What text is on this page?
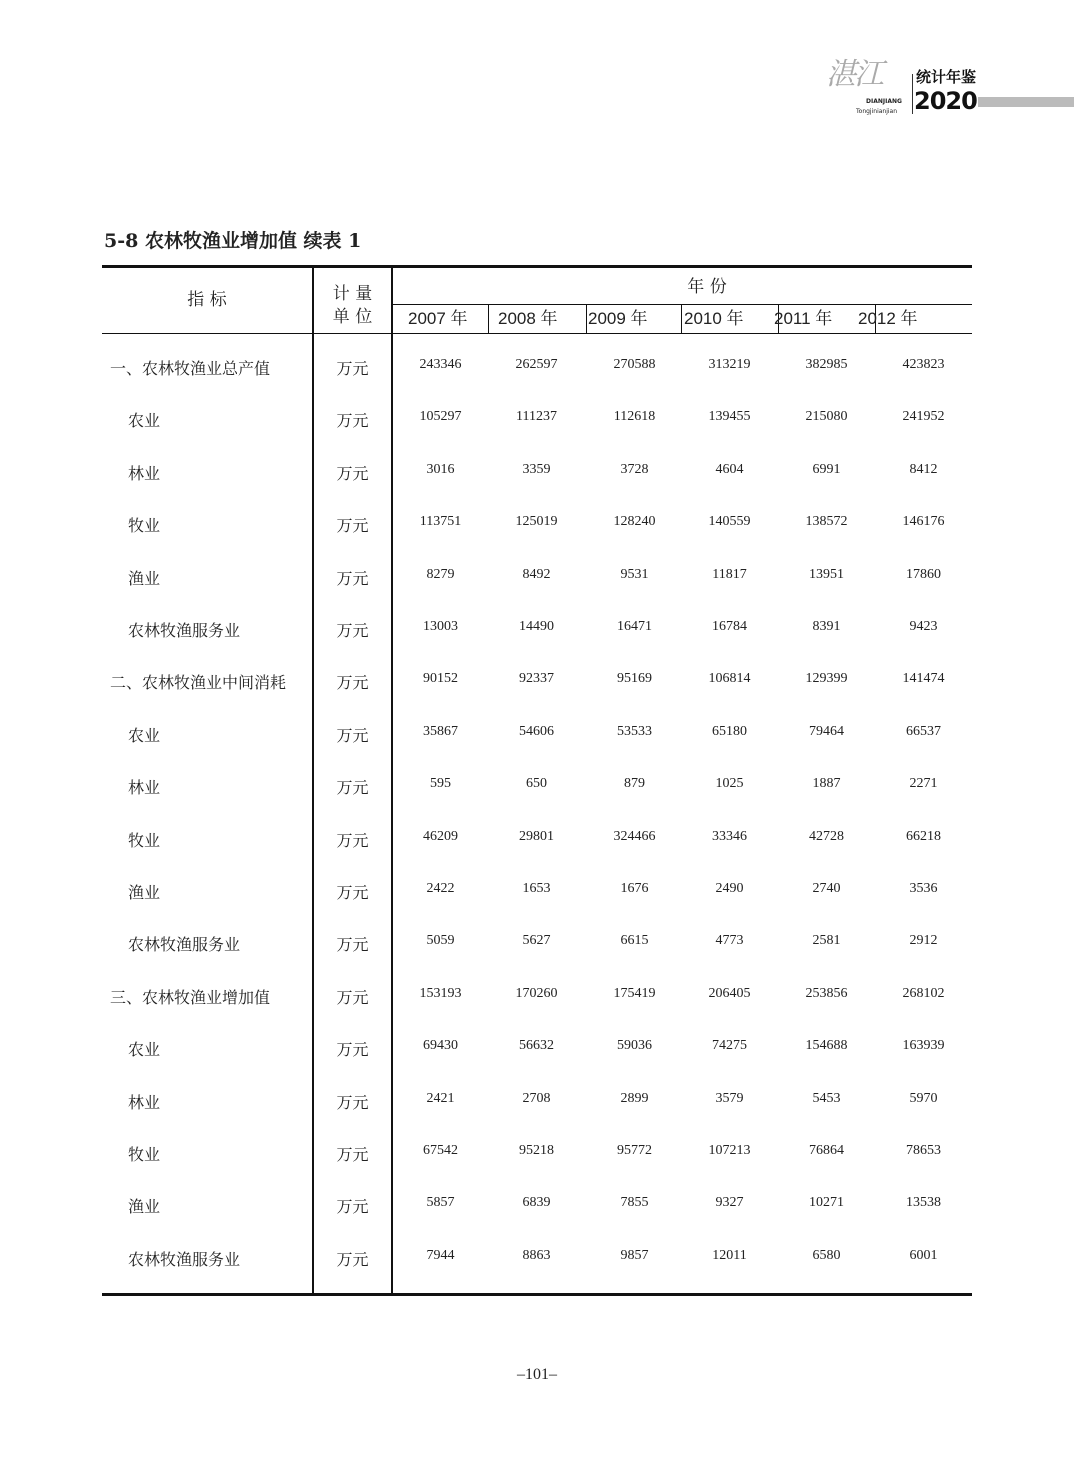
湛江
DIANJIANG
Tongjinianjian
统计年鉴
2020
5-8 农林牧渔业增加值 续表 1
指 标	计 量
单 位
年 份
2007 年 2008 年 2009 年 2010 年 2011 年 2012 年
一、农林牧渔业总产值	万元	243346	262597	270588	313219	382985	423823
农业	万元	105297	111237	112618	139455	215080	241952
林业	万元	3016	3359	3728	4604	6991	8412
牧业	万元	113751	125019	128240	140559	138572	146176
渔业	万元	8279	8492	9531	11817	13951	17860
农林牧渔服务业	万元	13003	14490	16471	16784	8391	9423
二、农林牧渔业中间消耗	万元	90152	92337	95169	106814	129399	141474
农业	万元	35867	54606	53533	65180	79464	66537
林业	万元	595	650	879	1025	1887	2271
牧业	万元	46209	29801	324466	33346	42728	66218
渔业	万元	2422	1653	1676	2490	2740	3536
农林牧渔服务业	万元	5059	5627	6615	4773	2581	2912
三、农林牧渔业增加值	万元	153193	170260	175419	206405	253856	268102
农业	万元	69430	56632	59036	74275	154688	163939
林业	万元	2421	2708	2899	3579	5453	5970
牧业	万元	67542	95218	95772	107213	76864	78653
渔业	万元	5857	6839	7855	9327	10271	13538
农林牧渔服务业	万元	7944	8863	9857	12011	6580	6001
–101–
